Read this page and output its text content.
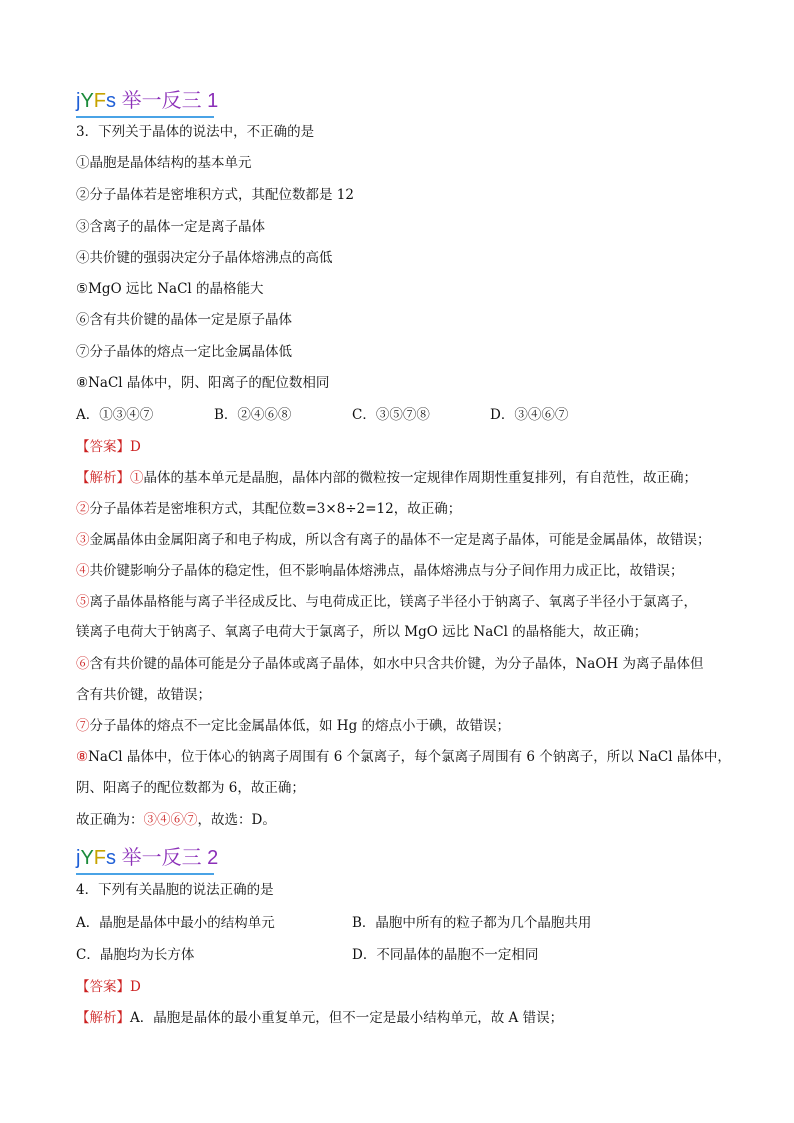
jYFs 举一反三 1
3．下列关于晶体的说法中，不正确的是
①晶胞是晶体结构的基本单元
②分子晶体若是密堆积方式，其配位数都是 12
③含离子的晶体一定是离子晶体
④共价键的强弱决定分子晶体熔沸点的高低
⑤MgO 远比 NaCl 的晶格能大
⑥含有共价键的晶体一定是原子晶体
⑦分子晶体的熔点一定比金属晶体低
⑧NaCl 晶体中，阴、阳离子的配位数相同
A．①③④⑦	B．②④⑥⑧	C．③⑤⑦⑧	D．③④⑥⑦
【答案】D
【解析】①晶体的基本单元是晶胞，晶体内部的微粒按一定规律作周期性重复排列，有自范性，故正确；
②分子晶体若是密堆积方式，其配位数=3×8÷2=12，故正确；
③金属晶体由金属阳离子和电子构成，所以含有离子的晶体不一定是离子晶体，可能是金属晶体，故错误；
④共价键影响分子晶体的稳定性，但不影响晶体熔沸点，晶体熔沸点与分子间作用力成正比，故错误；
⑤离子晶体晶格能与离子半径成反比、与电荷成正比，镁离子半径小于钠离子、氧离子半径小于氯离子，
镁离子电荷大于钠离子、氧离子电荷大于氯离子，所以 MgO 远比 NaCl 的晶格能大，故正确；
⑥含有共价键的晶体可能是分子晶体或离子晶体，如水中只含共价键，为分子晶体，NaOH 为离子晶体但
含有共价键，故错误；
⑦分子晶体的熔点不一定比金属晶体低，如 Hg 的熔点小于碘，故错误；
⑧NaCl 晶体中，位于体心的钠离子周围有 6 个氯离子，每个氯离子周围有 6 个钠离子，所以 NaCl 晶体中，
阴、阳离子的配位数都为 6，故正确；
故正确为：③④⑥⑦，故选：D。
jYFs 举一反三 2
4．下列有关晶胞的说法正确的是
A．晶胞是晶体中最小的结构单元	B．晶胞中所有的粒子都为几个晶胞共用
C．晶胞均为长方体	D．不同晶体的晶胞不一定相同
【答案】D
【解析】A．晶胞是晶体的最小重复单元，但不一定是最小结构单元，故 A 错误；
